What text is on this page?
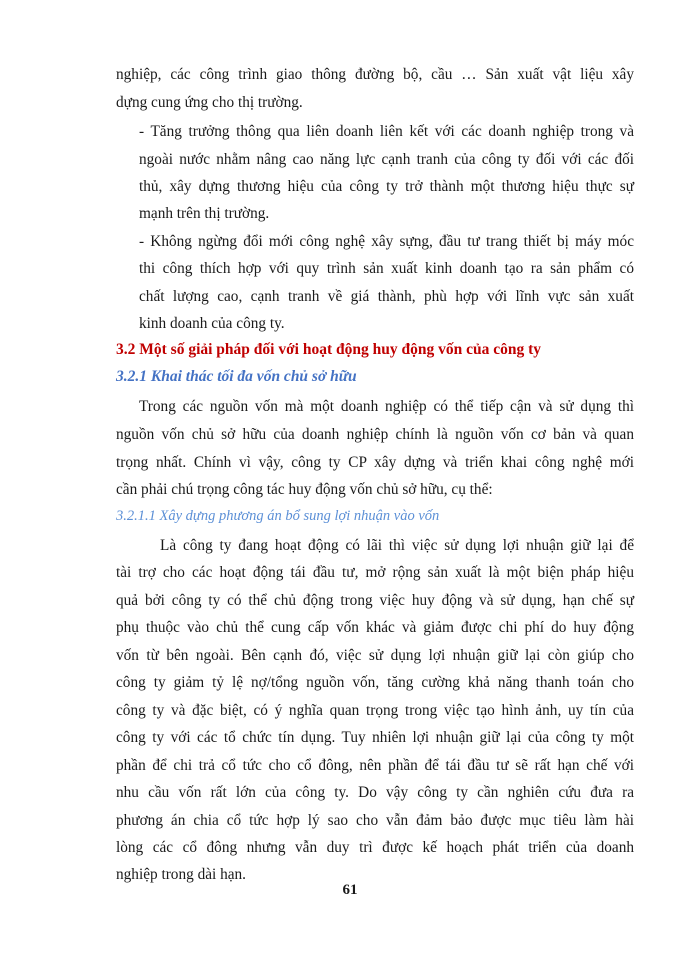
nghiệp, các công trình giao thông đường bộ, cầu … Sản xuất vật liệu xây
dựng cung ứng cho thị trường.
- Tăng trưởng thông qua liên doanh liên kết với các doanh nghiệp trong và
ngoài nước nhằm nâng cao năng lực cạnh tranh của công ty đối với các đối
thủ, xây dựng thương hiệu của công ty trở thành một thương hiệu thực sự
mạnh trên thị trường.
- Không ngừng đổi mới công nghệ xây sựng, đầu tư trang thiết bị máy móc
thi công thích hợp với quy trình sản xuất kinh doanh tạo ra sản phẩm có
chất lượng cao, cạnh tranh về giá thành, phù hợp với lĩnh vực sản xuất
kinh doanh của công ty.
3.2 Một số giải pháp đối với hoạt động huy động vốn của công ty
3.2.1 Khai thác tối đa vốn chủ sở hữu
Trong các nguồn vốn mà một doanh nghiệp có thể tiếp cận và sử dụng thì
nguồn vốn chủ sở hữu của doanh nghiệp chính là nguồn vốn cơ bản và quan
trọng nhất. Chính vì vậy, công ty CP xây dựng và triển khai công nghệ mới
cần phải chú trọng công tác huy động vốn chủ sở hữu, cụ thể:
3.2.1.1 Xây dựng phương án bổ sung lợi nhuận vào vốn
Là công ty đang hoạt động có lãi thì việc sử dụng lợi nhuận giữ lại để
tài trợ cho các hoạt động tái đầu tư, mở rộng sản xuất là một biện pháp hiệu
quả bởi công ty có thể chủ động trong việc huy động và sử dụng, hạn chế sự
phụ thuộc vào chủ thể cung cấp vốn khác và giảm được chi phí do huy động
vốn từ bên ngoài. Bên cạnh đó, việc sử dụng lợi nhuận giữ lại còn giúp cho
công ty giảm tỷ lệ nợ/tổng nguồn vốn, tăng cường khả năng thanh toán cho
công ty và đặc biệt, có ý nghĩa quan trọng trong việc tạo hình ảnh, uy tín của
công ty với các tổ chức tín dụng. Tuy nhiên lợi nhuận giữ lại của công ty một
phần để chi trả cổ tức cho cổ đông, nên phần để tái đầu tư sẽ rất hạn chế với
nhu cầu vốn rất lớn của công ty. Do vậy công ty cần nghiên cứu đưa ra
phương án chia cổ tức hợp lý sao cho vẫn đảm bảo được mục tiêu làm hài
lòng các cổ đông nhưng vẫn duy trì được kế hoạch phát triển của doanh
nghiệp trong dài hạn.
61
